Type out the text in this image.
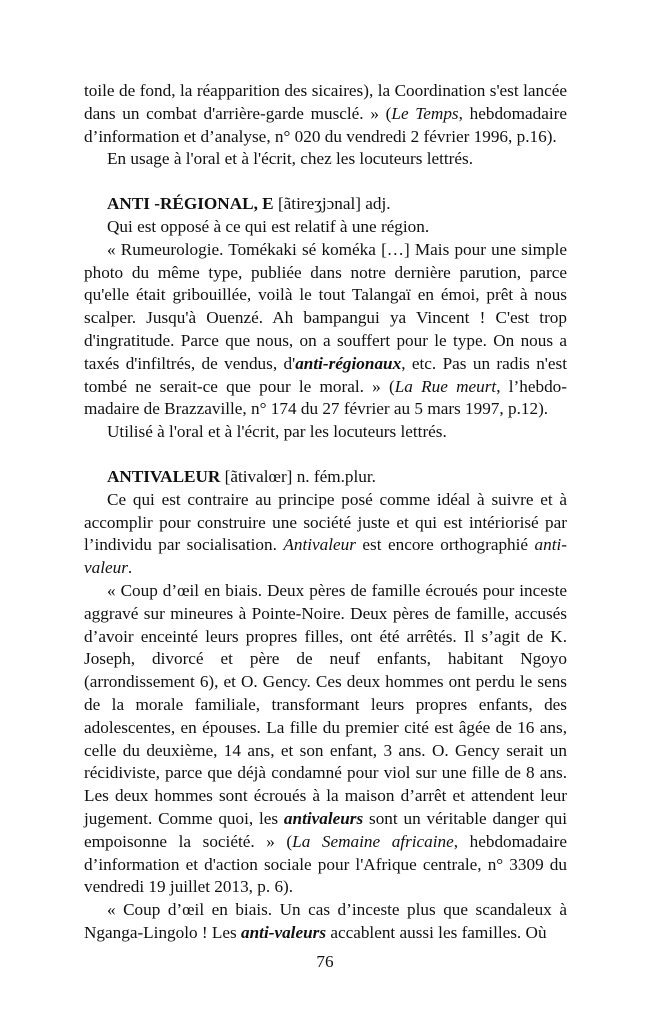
toile de fond, la réapparition des sicaires), la Coordination s'est lancée dans un combat d'arrière-garde musclé. » (Le Temps, hebdomadaire d’information et d’analyse, n° 020 du vendredi 2 février 1996, p.16).

En usage à l'oral et à l'écrit, chez les locuteurs lettrés.

ANTI -RÉGIONAL, E [ãtireʒjɔnal] adj.

Qui est opposé à ce qui est relatif à une région.

« Rumeurologie. Tomékaki sé koméka […] Mais pour une simple photo du même type, publiée dans notre dernière parution, parce qu'elle était gribouillée, voilà le tout Talangaï en émoi, prêt à nous scalper. Jusqu'à Ouenzé. Ah bampangui ya Vincent ! C'est trop d'ingratitude. Parce que nous, on a souffert pour le type. On nous a taxés d'infiltrés, de vendus, d'anti-régionaux, etc. Pas un radis n'est tombé ne serait-ce que pour le moral. » (La Rue meurt, l’hebdo-madaire de Brazzaville, n° 174 du 27 février au 5 mars 1997, p.12).

Utilisé à l'oral et à l'écrit, par les locuteurs lettrés.

ANTIVALEUR [ãtivalœr] n. fém.plur.

Ce qui est contraire au principe posé comme idéal à suivre et à accomplir pour construire une société juste et qui est intériorisé par l’individu par socialisation. Antivaleur est encore orthographié anti-valeur.

« Coup d’œil en biais. Deux pères de famille écroués pour inceste aggravé sur mineures à Pointe-Noire. Deux pères de famille, accusés d’avoir enceinté leurs propres filles, ont été arrêtés. Il s’agit de K. Joseph, divorcé et père de neuf enfants, habitant Ngoyo (arrondissement 6), et O. Gency. Ces deux hommes ont perdu le sens de la morale familiale, transformant leurs propres enfants, des adolescentes, en épouses. La fille du premier cité est âgée de 16 ans, celle du deuxième, 14 ans, et son enfant, 3 ans. O. Gency serait un récidiviste, parce que déjà condamné pour viol sur une fille de 8 ans. Les deux hommes sont écroués à la maison d’arrêt et attendent leur jugement. Comme quoi, les antivaleurs sont un véritable danger qui empoisonne la société. » (La Semaine africaine, hebdomadaire d’information et d'action sociale pour l'Afrique centrale, n° 3309 du vendredi 19 juillet 2013, p. 6).

« Coup d’œil en biais. Un cas d’inceste plus que scandaleux à Nganga-Lingolo ! Les anti-valeurs accablent aussi les familles. Où

76
